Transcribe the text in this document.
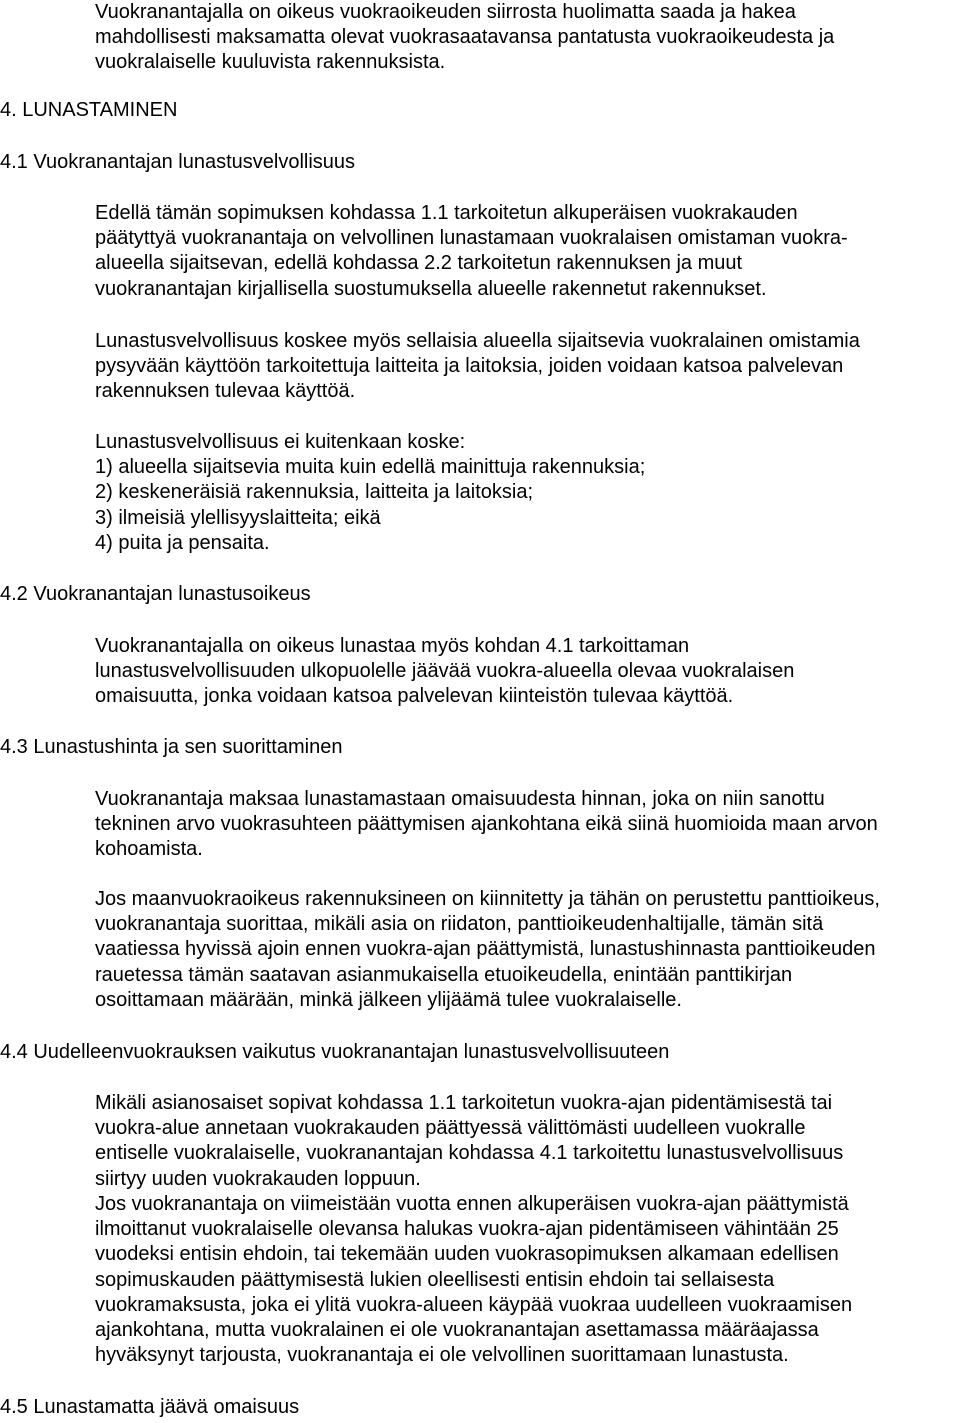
Vuokranantajalla on oikeus vuokraoikeuden siirrosta huolimatta saada ja hakea
mahdollisesti maksamatta olevat vuokrasaatavansa pantatusta vuokraoikeudesta ja
vuokralaiselle kuuluvista rakennuksista.
4. LUNASTAMINEN
4.1 Vuokranantajan lunastusvelvollisuus
Edellä tämän sopimuksen kohdassa 1.1 tarkoitetun alkuperäisen vuokrakauden
päätyttyä vuokranantaja on velvollinen lunastamaan vuokralaisen omistaman vuokra-
alueella sijaitsevan, edellä kohdassa 2.2 tarkoitetun rakennuksen ja muut
vuokranantajan kirjallisella suostumuksella alueelle rakennetut rakennukset.
Lunastusvelvollisuus koskee myös sellaisia alueella sijaitsevia vuokralainen omistamia
pysyvään käyttöön tarkoitettuja laitteita ja laitoksia, joiden voidaan katsoa palvelevan
rakennuksen tulevaa käyttöä.
Lunastusvelvollisuus ei kuitenkaan koske:
1) alueella sijaitsevia muita kuin edellä mainittuja rakennuksia;
2) keskeneräisiä rakennuksia, laitteita ja laitoksia;
3) ilmeisiä ylellisyyslaitteita; eikä
4) puita ja pensaita.
4.2 Vuokranantajan lunastusoikeus
Vuokranantajalla on oikeus lunastaa myös kohdan 4.1 tarkoittaman
lunastusvelvollisuuden ulkopuolelle jäävää vuokra-alueella olevaa vuokralaisen
omaisuutta, jonka voidaan katsoa palvelevan kiinteistön tulevaa käyttöä.
4.3 Lunastushinta ja sen suorittaminen
Vuokranantaja maksaa lunastamastaan omaisuudesta hinnan, joka on niin sanottu
tekninen arvo vuokrasuhteen päättymisen ajankohtana eikä siinä huomioida maan arvon
kohoamista.
Jos maanvuokraoikeus rakennuksineen on kiinnitetty ja tähän on perustettu panttioikeus,
vuokranantaja suorittaa, mikäli asia on riidaton, panttioikeudenhaltijalle, tämän sitä
vaatiessa hyvissä ajoin ennen vuokra-ajan päättymistä, lunastushinnasta panttioikeuden
rauetessa tämän saatavan asianmukaisella etuoikeudella, enintään panttikirjan
osoittamaan määrään, minkä jälkeen ylijäämä tulee vuokralaiselle.
4.4 Uudelleenvuokrauksen vaikutus vuokranantajan lunastusvelvollisuuteen
Mikäli asianosaiset sopivat kohdassa 1.1 tarkoitetun vuokra-ajan pidentämisestä tai
vuokra-alue annetaan vuokrakauden päättyessä välittömästi uudelleen vuokralle
entiselle vuokralaiselle, vuokranantajan kohdassa 4.1 tarkoitettu lunastusvelvollisuus
siirtyy uuden vuokrakauden loppuun.
Jos vuokranantaja on viimeistään vuotta ennen alkuperäisen vuokra-ajan päättymistä
ilmoittanut vuokralaiselle olevansa halukas vuokra-ajan pidentämiseen vähintään 25
vuodeksi entisin ehdoin, tai tekemään uuden vuokrasopimuksen alkamaan edellisen
sopimuskauden päättymisestä lukien oleellisesti entisin ehdoin tai sellaisesta
vuokramaksusta, joka ei ylitä vuokra-alueen käypää vuokraa uudelleen vuokraamisen
ajankohtana, mutta vuokralainen ei ole vuokranantajan asettamassa määräajassa
hyväksynyt tarjousta, vuokranantaja ei ole velvollinen suorittamaan lunastusta.
4.5 Lunastamatta jäävä omaisuus
